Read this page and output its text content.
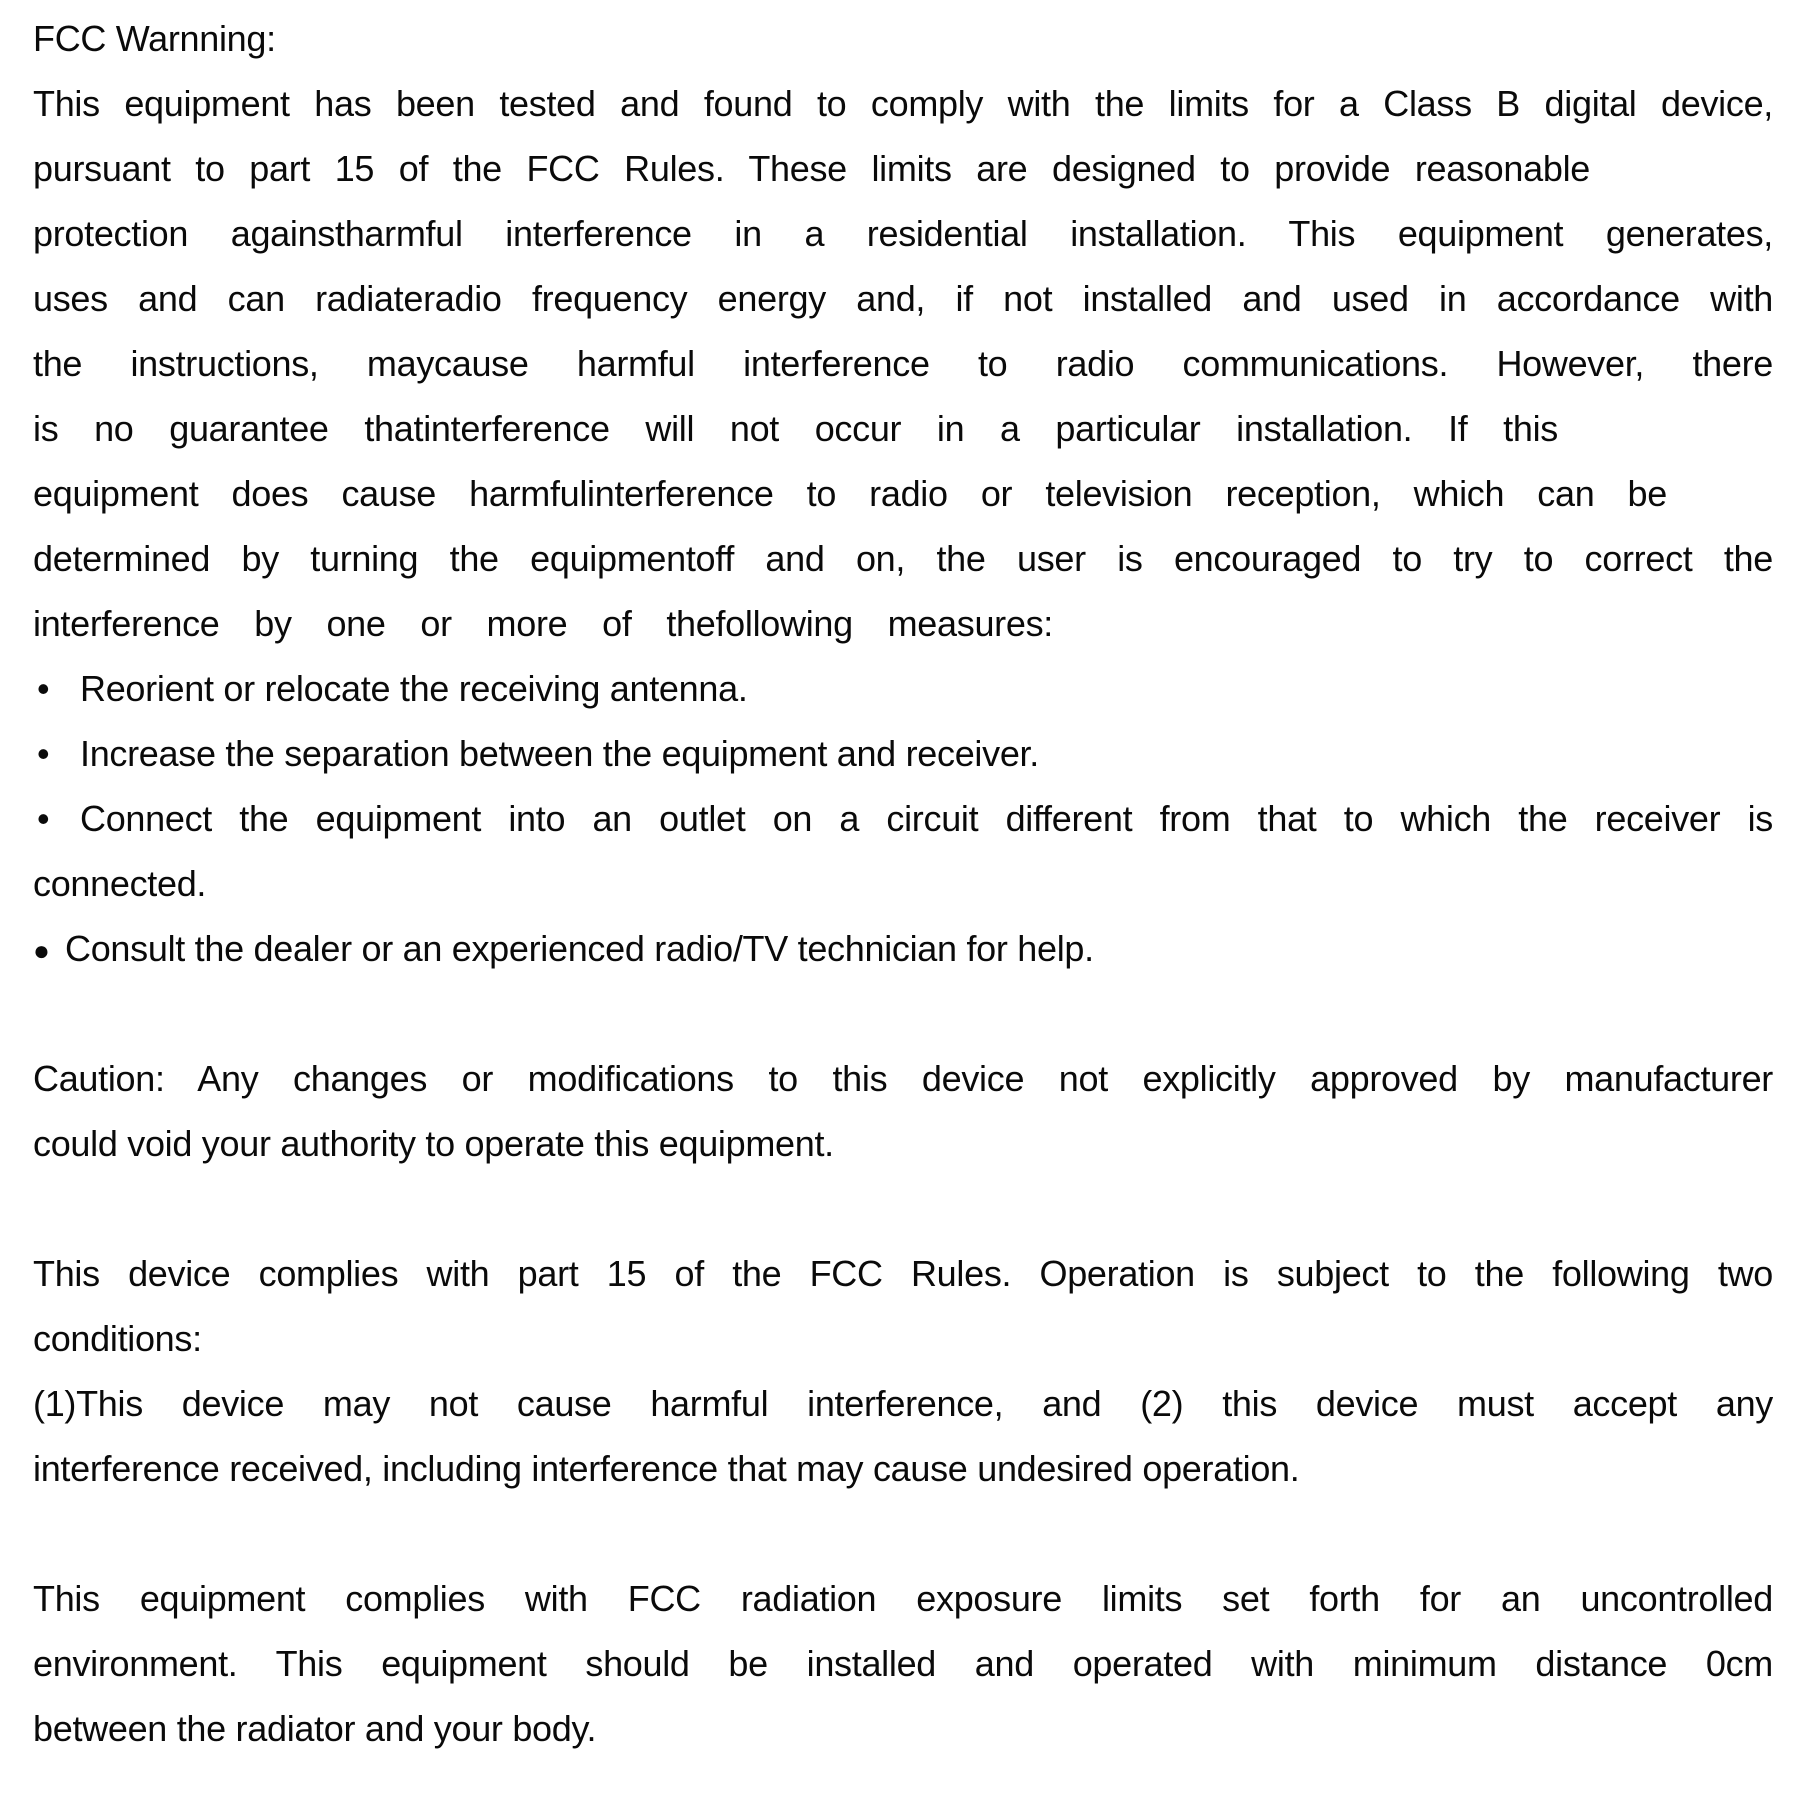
FCC Warnning:
This equipment has been tested and found to comply with the limits for a Class B digital device,
pursuant to part 15 of the FCC Rules. These limits are designed to provide reasonable
protection againstharmful interference in a residential installation. This equipment generates,
uses and can radiateradio frequency energy and, if not installed and used in accordance with
the instructions, maycause harmful interference to radio communications. However, there
is no guarantee thatinterference will not occur in a particular installation. If this
equipment does cause harmfulinterference to radio or television reception, which can be
determined by turning the equipmentoff and on, the user is encouraged to try to correct the
interference by one or more of thefollowing measures:
• Reorient or relocate the receiving antenna.
• Increase the separation between the equipment and receiver.
• Connect the equipment into an outlet on a circuit different from that to which the receiver is
connected.
● Consult the dealer or an experienced radio/TV technician for help.
Caution: Any changes or modifications to this device not explicitly approved by manufacturer
could void your authority to operate this equipment.
This device complies with part 15 of the FCC Rules. Operation is subject to the following two
conditions:
(1)This device may not cause harmful interference, and (2) this device must accept any
interference received, including interference that may cause undesired operation.
This equipment complies with FCC radiation exposure limits set forth for an uncontrolled
environment. This equipment should be installed and operated with minimum distance 0cm
between the radiator and your body.
